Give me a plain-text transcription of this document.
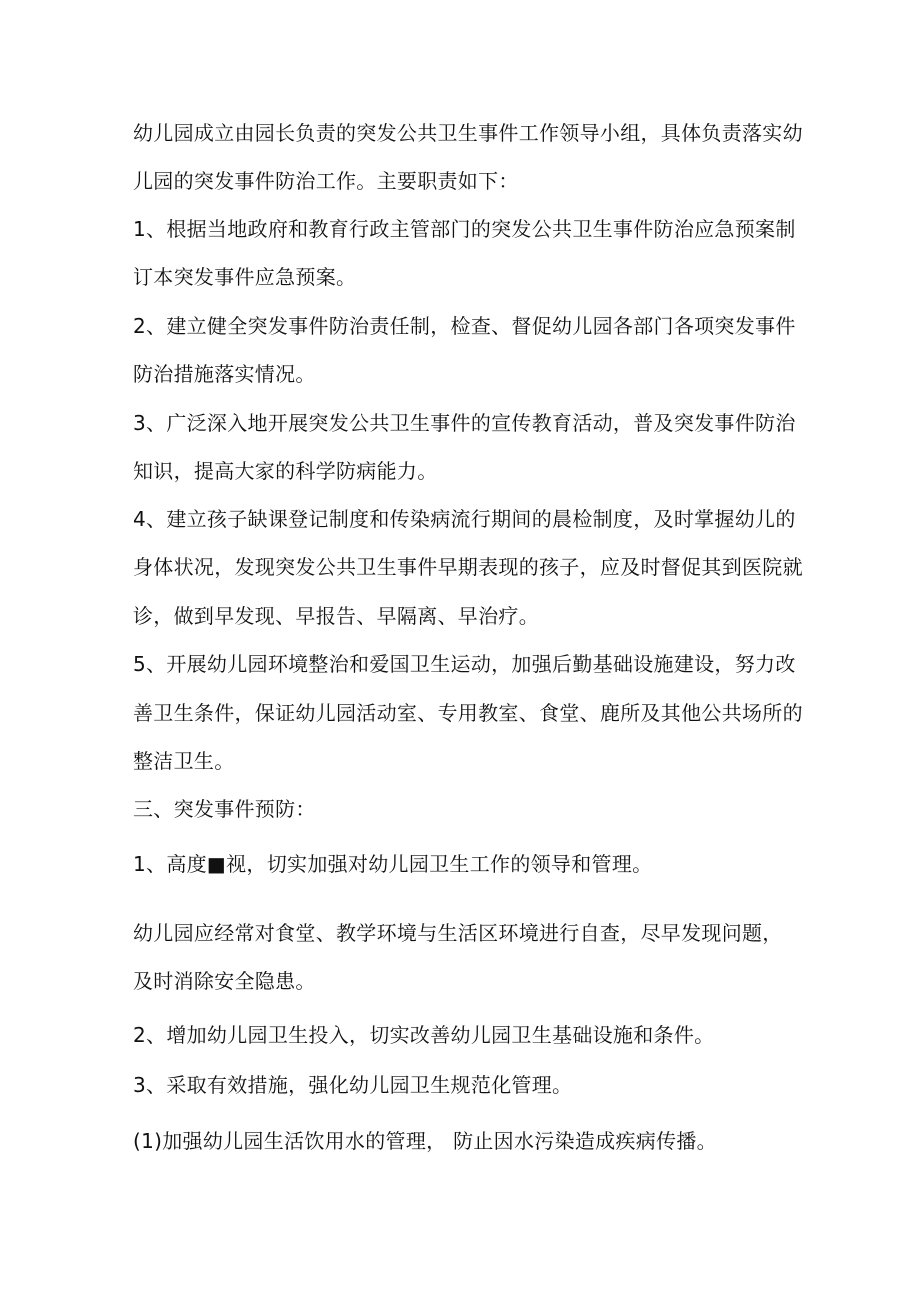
幼儿园成立由园长负责的突发公共卫生事件工作领导小组，具体负责落实幼

儿园的突发事件防治工作。主要职责如下：

1、根据当地政府和教育行政主管部门的突发公共卫生事件防治应急预案制

订本突发事件应急预案。

2、建立健全突发事件防治责任制，检查、督促幼儿园各部门各项突发事件

防治措施落实情况。

3、广泛深入地开展突发公共卫生事件的宣传教育活动，普及突发事件防治

知识，提高大家的科学防病能力。

4、建立孩子缺课登记制度和传染病流行期间的晨检制度，及时掌握幼儿的

身体状况，发现突发公共卫生事件早期表现的孩子，应及时督促其到医院就

诊，做到早发现、早报告、早隔离、早治疗。

5、开展幼儿园环境整治和爱国卫生运动，加强后勤基础设施建设，努力改

善卫生条件，保证幼儿园活动室、专用教室、食堂、鹿所及其他公共场所的

整洁卫生。

三、突发事件预防：

1、高度■视，切实加强对幼儿园卫生工作的领导和管理。

幼儿园应经常对食堂、教学环境与生活区环境进行自查，尽早发现问题，

及时消除安全隐患。

2、增加幼儿园卫生投入，切实改善幼儿园卫生基础设施和条件。

3、采取有效措施，强化幼儿园卫生规范化管理。

(1)加强幼儿园生活饮用水的管理， 防止因水污染造成疾病传播。
